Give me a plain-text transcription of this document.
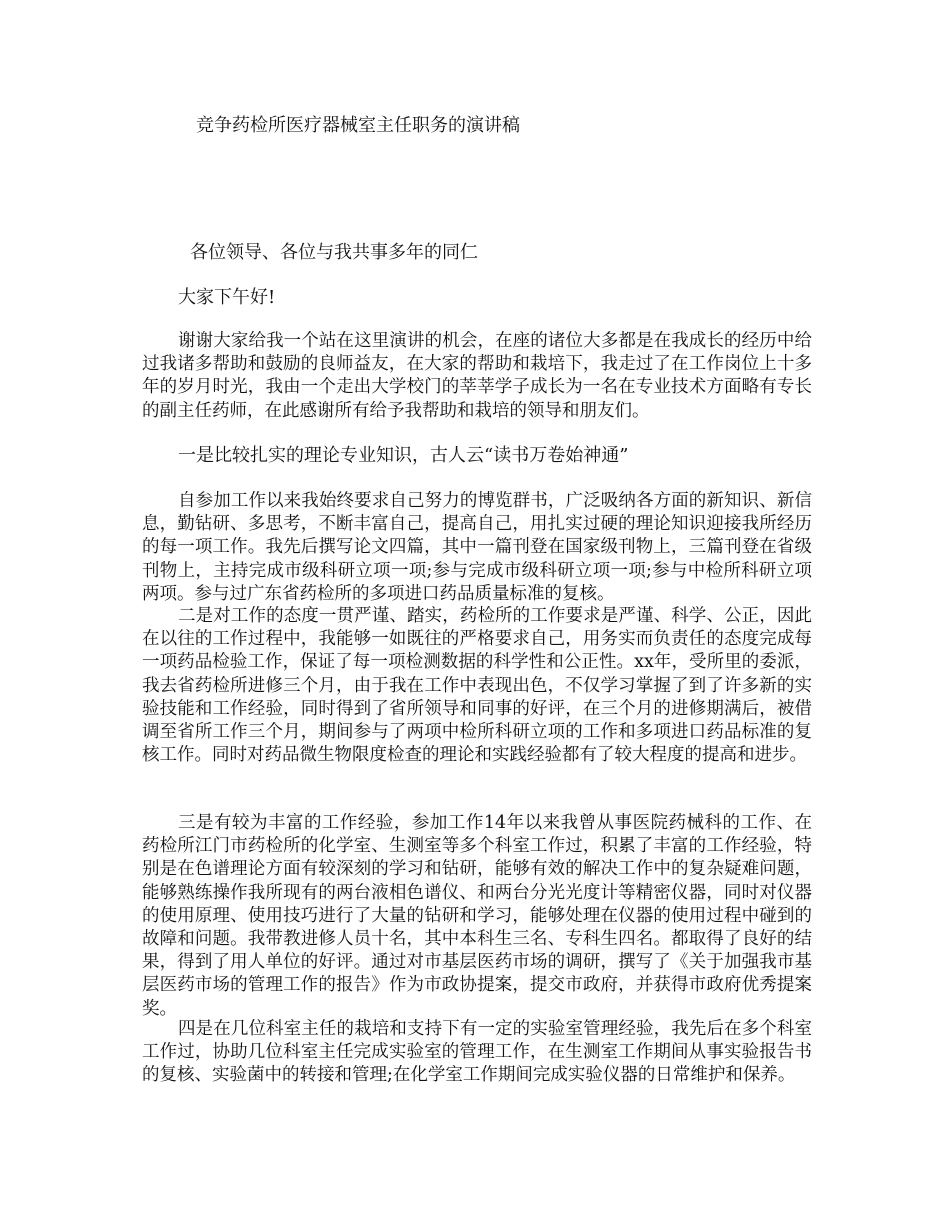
竞争药检所医疗器械室主任职务的演讲稿
各位领导、各位与我共事多年的同仁
大家下午好!

谢谢大家给我一个站在这里演讲的机会，在座的诸位大多都是在我成长的经历中给过我诸多帮助和鼓励的良师益友，在大家的帮助和栽培下，我走过了在工作岗位上十多年的岁月时光，我由一个走出大学校门的莘莘学子成长为一名在专业技术方面略有专长的副主任药师，在此感谢所有给予我帮助和栽培的领导和朋友们。

一是比较扎实的理论专业知识，古人云“读书万卷始神通”

自参加工作以来我始终要求自己努力的博览群书，广泛吸纳各方面的新知识、新信息，勤钻研、多思考，不断丰富自己，提高自己，用扎实过硬的理论知识迎接我所经历的每一项工作。我先后撰写论文四篇，其中一篇刊登在国家级刊物上，三篇刊登在省级刊物上，主持完成市级科研立项一项;参与完成市级科研立项一项;参与中检所科研立项两项。参与过广东省药检所的多项进口药品质量标准的复核。

二是对工作的态度一贯严谨、踏实，药检所的工作要求是严谨、科学、公正，因此在以往的工作过程中，我能够一如既往的严格要求自己，用务实而负责任的态度完成每一项药品检验工作，保证了每一项检测数据的科学性和公正性。xx年，受所里的委派，我去省药检所进修三个月，由于我在工作中表现出色，不仅学习掌握了到了许多新的实验技能和工作经验，同时得到了省所领导和同事的好评，在三个月的进修期满后，被借调至省所工作三个月，期间参与了两项中检所科研立项的工作和多项进口药品标准的复核工作。同时对药品微生物限度检查的理论和实践经验都有了较大程度的提高和进步。

三是有较为丰富的工作经验，参加工作14年以来我曾从事医院药械科的工作、在药检所江门市药检所的化学室、生测室等多个科室工作过，积累了丰富的工作经验，特别是在色谱理论方面有较深刻的学习和钻研，能够有效的解决工作中的复杂疑难问题，能够熟练操作我所现有的两台液相色谱仪、和两台分光光度计等精密仪器，同时对仪器的使用原理、使用技巧进行了大量的钻研和学习，能够处理在仪器的使用过程中碰到的故障和问题。我带教进修人员十名，其中本科生三名、专科生四名。都取得了良好的结果，得到了用人单位的好评。通过对市基层医药市场的调研，撰写了《关于加强我市基层医药市场的管理工作的报告》作为市政协提案，提交市政府，并获得市政府优秀提案奖。

四是在几位科室主任的栽培和支持下有一定的实验室管理经验，我先后在多个科室工作过，协助几位科室主任完成实验室的管理工作，在生测室工作期间从事实验报告书的复核、实验菌中的转接和管理;在化学室工作期间完成实验仪器的日常维护和保养。
